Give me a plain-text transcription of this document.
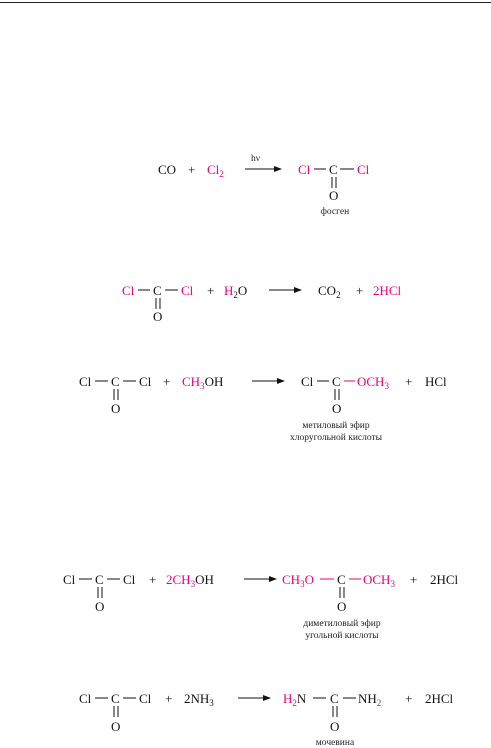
CO + $Cl_2$
hν
Cl C Cl
O
фосген
Cl C Cl
O
+ $H_2O$	$CO_2 + 2HCl$
Cl C Cl
O
+ $CH_3OH$	Cl C $OCH_3$
O
+ HCl
метиловый эфир
хлоругольной кислоты
Cl C Cl
O
+ $2CH_3OH$	$CH_3O$ C $OCH_3$
O
+ 2HCl
диметиловый эфир
угольной кислоты
Cl C Cl
O
+ $2NH_3$	$H_2N$ C $NH_2$
O
+ 2HCl
мочевина
